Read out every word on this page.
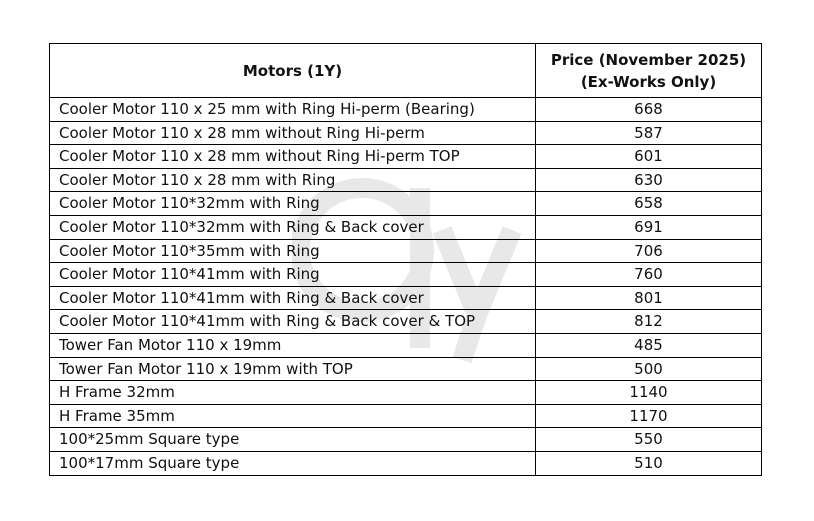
Motors (1Y)	Price (November 2025)
(Ex-Works Only)
Cooler Motor 110 x 25 mm with Ring Hi-perm (Bearing)	668
Cooler Motor 110 x 28 mm without Ring Hi-perm	587
Cooler Motor 110 x 28 mm without Ring Hi-perm TOP	601
Cooler Motor 110 x 28 mm with Ring	630
Cooler Motor 110*32mm with Ring	658
Cooler Motor 110*32mm with Ring & Back cover	691
Cooler Motor 110*35mm with Ring	706
Cooler Motor 110*41mm with Ring	760
Cooler Motor 110*41mm with Ring & Back cover	801
Cooler Motor 110*41mm with Ring & Back cover & TOP	812
Tower Fan Motor 110 x 19mm	485
Tower Fan Motor 110 x 19mm with TOP	500
H Frame 32mm	1140
H Frame 35mm	1170
100*25mm Square type	550
100*17mm Square type	510
